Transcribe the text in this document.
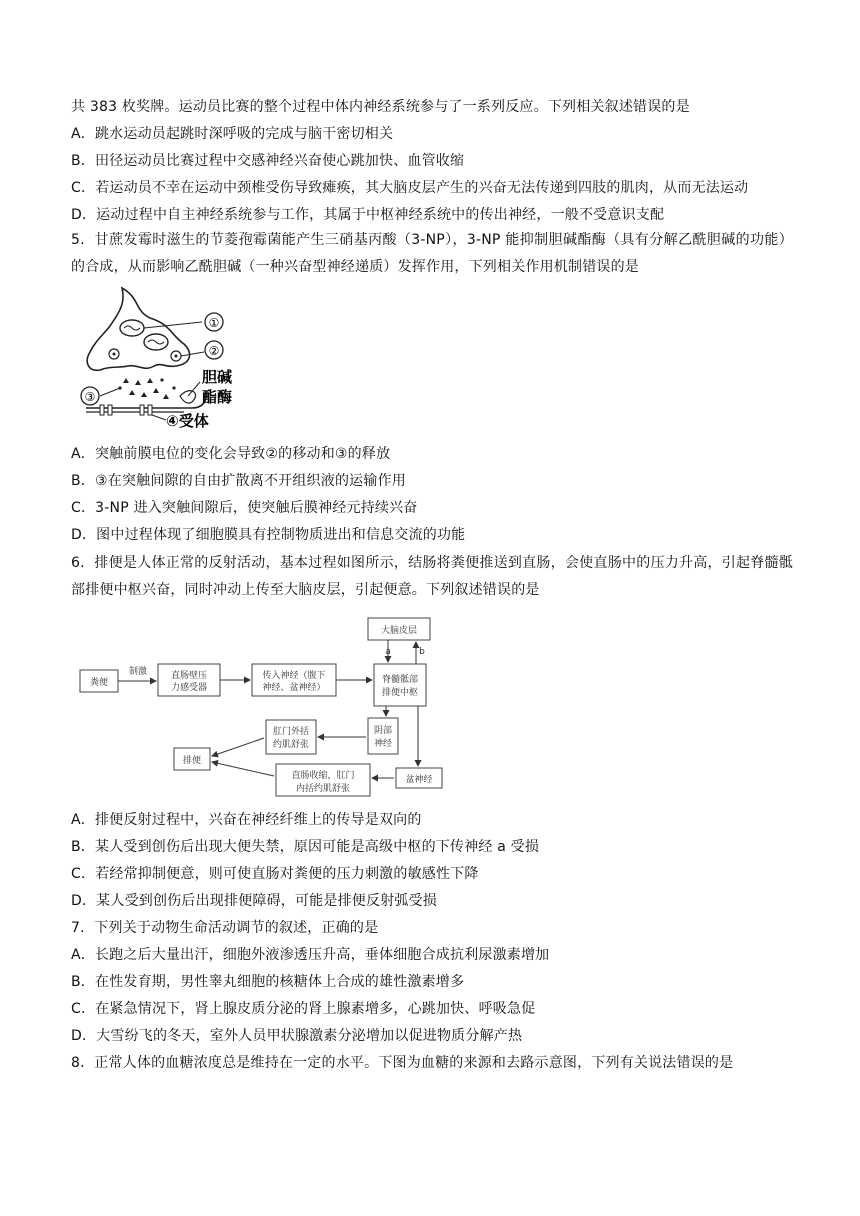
共 383 枚奖牌。运动员比赛的整个过程中体内神经系统参与了一系列反应。下列相关叙述错误的是
A．跳水运动员起跳时深呼吸的完成与脑干密切相关
B．田径运动员比赛过程中交感神经兴奋使心跳加快、血管收缩
C．若运动员不幸在运动中颈椎受伤导致瘫痪，其大脑皮层产生的兴奋无法传递到四肢的肌肉，从而无法运动
D．运动过程中自主神经系统参与工作，其属于中枢神经系统中的传出神经，一般不受意识支配
5．甘蔗发霉时滋生的节菱孢霉菌能产生三硝基丙酸（3-NP），3-NP 能抑制胆碱酯酶（具有分解乙酰胆碱的功能）的合成，从而影响乙酰胆碱（一种兴奋型神经递质）发挥作用，下列相关作用机制错误的是
①
②
③
胆碱
酯酶
④受体
A．突触前膜电位的变化会导致②的移动和③的释放
B．③在突触间隙的自由扩散离不开组织液的运输作用
C．3-NP 进入突触间隙后，使突触后膜神经元持续兴奋
D．图中过程体现了细胞膜具有控制物质进出和信息交流的功能
6．排便是人体正常的反射活动，基本过程如图所示，结肠将粪便推送到直肠，会使直肠中的压力升高，引起脊髓骶部排便中枢兴奋，同时冲动上传至大脑皮层，引起便意。下列叙述错误的是
粪便
制激	直肠壁压
力感受器
传入神经（腹下
神经、盆神经）
大脑皮层
a	b
脊髓骶部
排便中枢
阴部
神经
肛门外括
约肌舒张
排便
直肠收缩，肛门
内括约肌舒张
盆神经
A．排便反射过程中，兴奋在神经纤维上的传导是双向的
B．某人受到创伤后出现大便失禁，原因可能是高级中枢的下传神经 a 受损
C．若经常抑制便意，则可使直肠对粪便的压力刺激的敏感性下降
D．某人受到创伤后出现排便障碍，可能是排便反射弧受损
7．下列关于动物生命活动调节的叙述，正确的是
A．长跑之后大量出汗，细胞外液渗透压升高，垂体细胞合成抗利尿激素增加
B．在性发育期，男性睾丸细胞的核糖体上合成的雄性激素增多
C．在紧急情况下，肾上腺皮质分泌的肾上腺素增多，心跳加快、呼吸急促
D．大雪纷飞的冬天，室外人员甲状腺激素分泌增加以促进物质分解产热
8．正常人体的血糖浓度总是维持在一定的水平。下图为血糖的来源和去路示意图，下列有关说法错误的是
